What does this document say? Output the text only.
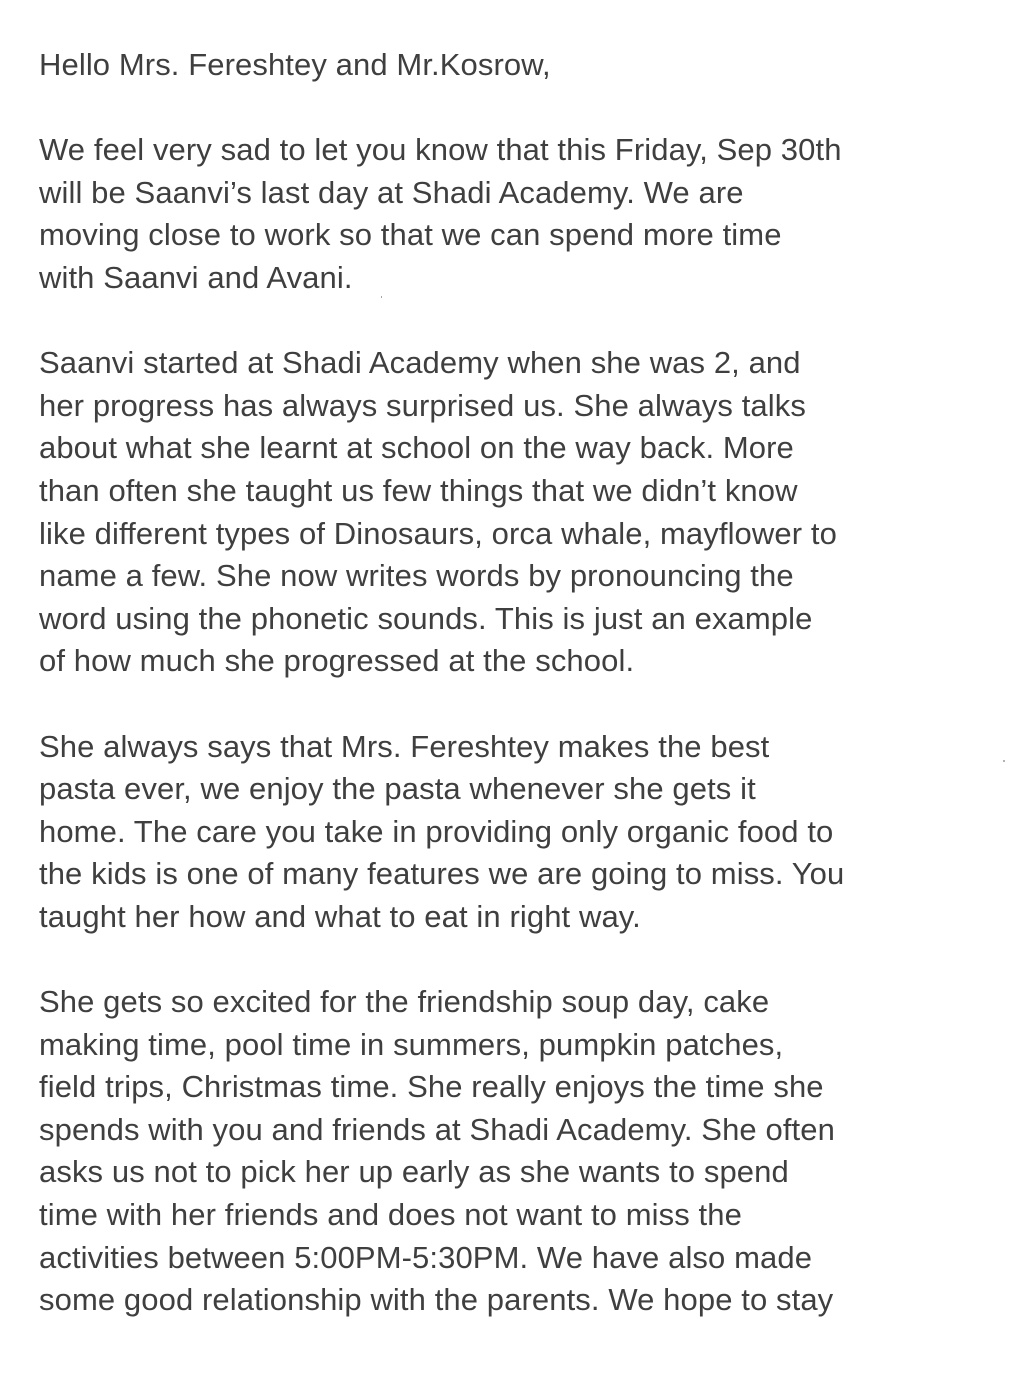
Hello Mrs. Fereshtey and Mr.Kosrow,

We feel very sad to let you know that this Friday, Sep 30th
will be Saanvi’s last day at Shadi Academy. We are
moving close to work so that we can spend more time
with Saanvi and Avani.

Saanvi started at Shadi Academy when she was 2, and
her progress has always surprised us. She always talks
about what she learnt at school on the way back. More
than often she taught us few things that we didn’t know
like different types of Dinosaurs, orca whale, mayflower to
name a few. She now writes words by pronouncing the
word using the phonetic sounds. This is just an example
of how much she progressed at the school.

She always says that Mrs. Fereshtey makes the best
pasta ever, we enjoy the pasta whenever she gets it
home. The care you take in providing only organic food to
the kids is one of many features we are going to miss. You
taught her how and what to eat in right way.

She gets so excited for the friendship soup day, cake
making time, pool time in summers, pumpkin patches,
field trips, Christmas time. She really enjoys the time she
spends with you and friends at Shadi Academy. She often
asks us not to pick her up early as she wants to spend
time with her friends and does not want to miss the
activities between 5:00PM-5:30PM. We have also made
some good relationship with the parents. We hope to stay
